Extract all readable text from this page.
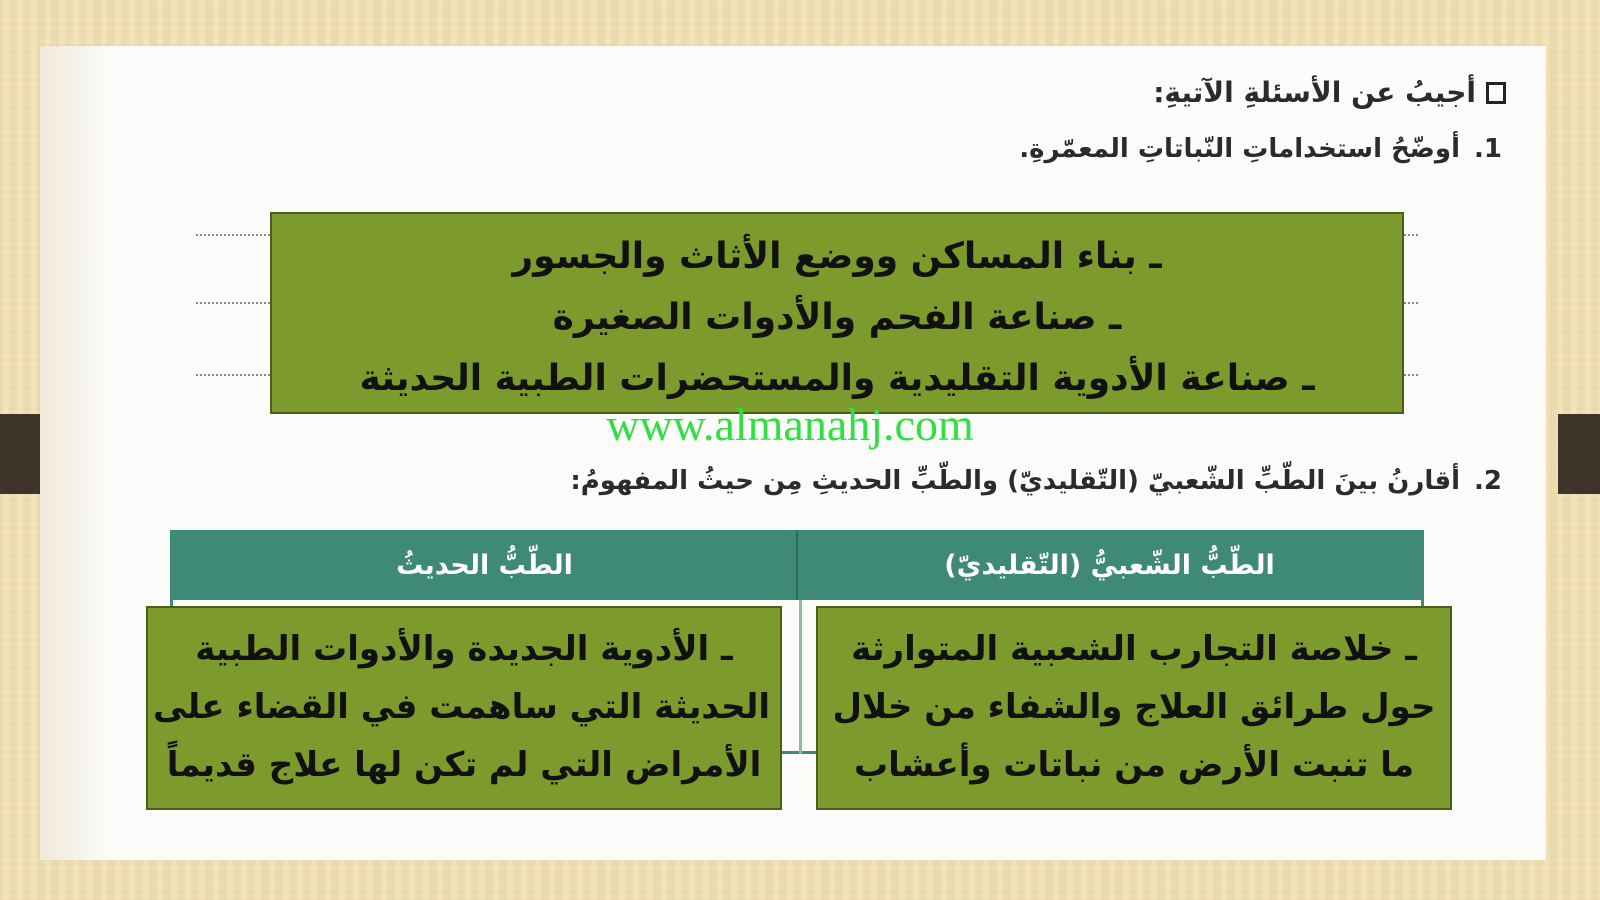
أجيبُ عن الأسئلةِ الآتيةِ:
1.
أوضّحُ استخداماتِ النّباتاتِ المعمّرةِ.
ـ بناء المساكن ووضع الأثاث والجسور
ـ صناعة الفحم والأدوات الصغيرة
ـ صناعة الأدوية التقليدية والمستحضرات الطبية الحديثة
www.almanahj.com
2.
أقارنُ بينَ الطّبِّ الشّعبيّ (التّقليديّ) والطّبِّ الحديثِ مِن حيثُ المفهومُ:
الطّبُّ الشّعبيُّ (التّقليديّ)
الطّبُّ الحديثُ
ـ خلاصة التجارب الشعبية المتوارثة
حول طرائق العلاج والشفاء من خلال
ما تنبت الأرض من نباتات وأعشاب
ـ الأدوية الجديدة والأدوات الطبية
الحديثة التي ساهمت في القضاء على
الأمراض التي لم تكن لها علاج قديماً
